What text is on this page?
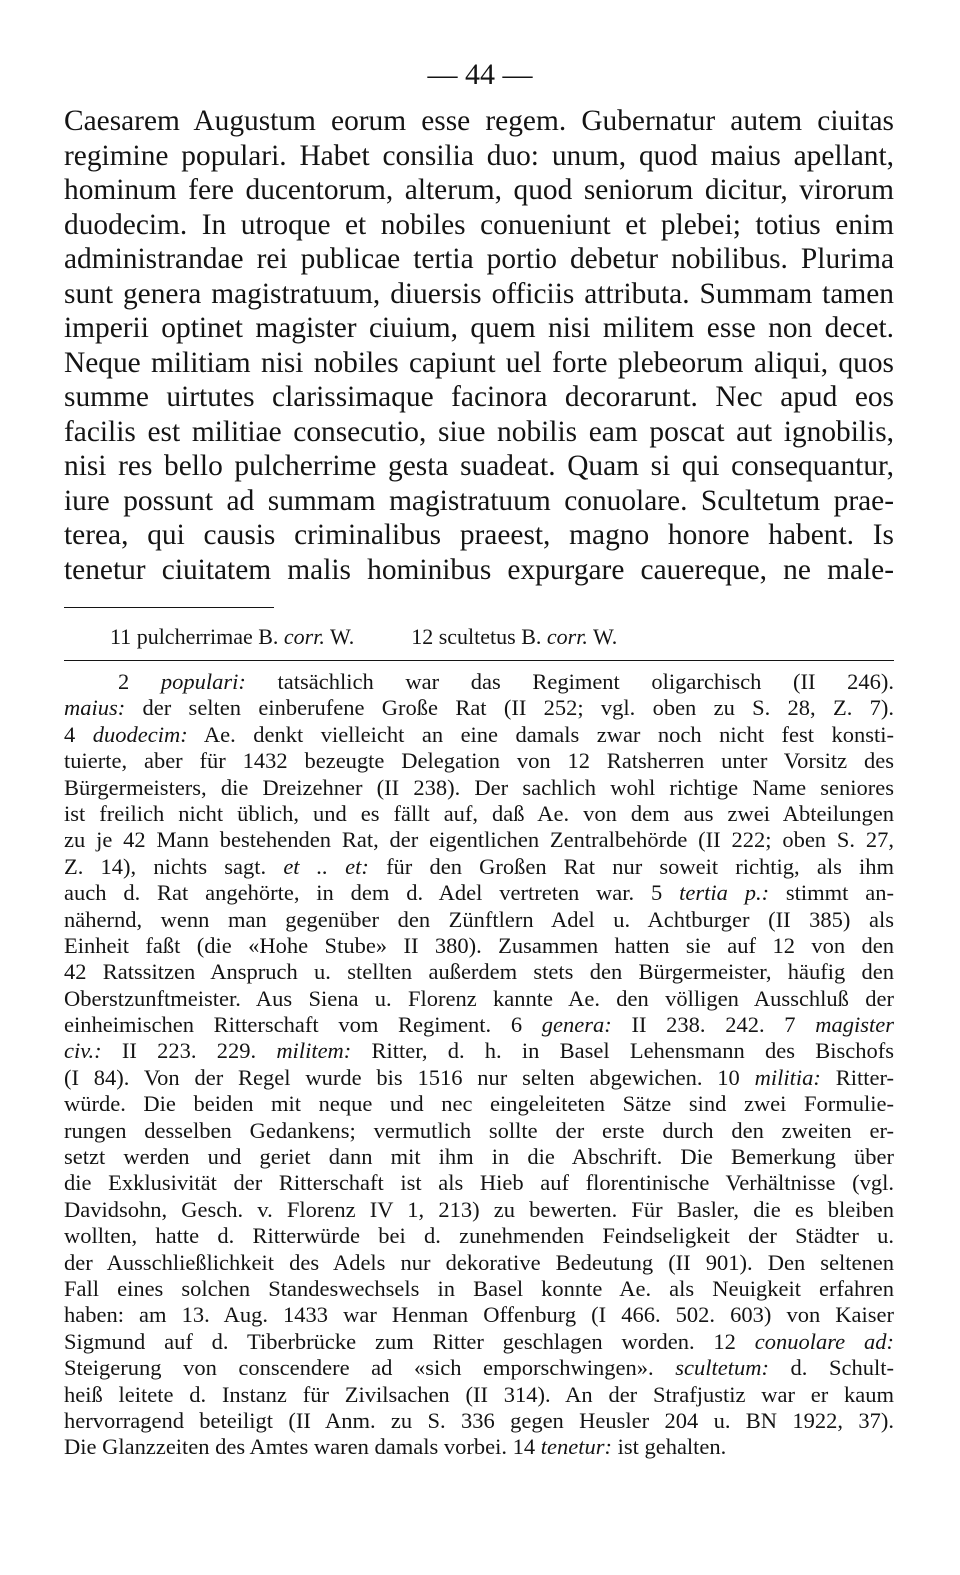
— 44 —
Caesarem Augustum eorum esse regem. Gubernatur autem ciuitas
regimine populari. Habet consilia duo: unum, quod maius apellant,
hominum fere ducentorum, alterum, quod seniorum dicitur, virorum
duodecim. In utroque et nobiles conueniunt et plebei; totius enim
administrandae rei publicae tertia portio debetur nobilibus. Plurima
sunt genera magistratuum, diuersis officiis attributa. Summam tamen
imperii optinet magister ciuium, quem nisi militem esse non decet.
Neque militiam nisi nobiles capiunt uel forte plebeorum aliqui, quos
summe uirtutes clarissimaque facinora decorarunt. Nec apud eos
facilis est militiae consecutio, siue nobilis eam poscat aut ignobilis,
nisi res bello pulcherrime gesta suadeat. Quam si qui consequantur,
iure possunt ad summam magistratuum conuolare. Scultetum prae-
terea, qui causis criminalibus praeest, magno honore habent. Is
tenetur ciuitatem malis hominibus expurgare cauereque, ne male-
11 pulcherrimae B. corr. W.	12 scultetus B. corr. W.
2 populari: tatsächlich war das Regiment oligarchisch (II 246).
maius: der selten einberufene Große Rat (II 252; vgl. oben zu S. 28, Z. 7).
4 duodecim: Ae. denkt vielleicht an eine damals zwar noch nicht fest konsti-
tuierte, aber für 1432 bezeugte Delegation von 12 Ratsherren unter Vorsitz des
Bürgermeisters, die Dreizehner (II 238). Der sachlich wohl richtige Name seniores
ist freilich nicht üblich, und es fällt auf, daß Ae. von dem aus zwei Abteilungen
zu je 42 Mann bestehenden Rat, der eigentlichen Zentralbehörde (II 222; oben S. 27,
Z. 14), nichts sagt. et .. et: für den Großen Rat nur soweit richtig, als ihm
auch d. Rat angehörte, in dem d. Adel vertreten war. 5 tertia p.: stimmt an-
nähernd, wenn man gegenüber den Zünftlern Adel u. Achtburger (II 385) als
Einheit faßt (die «Hohe Stube» II 380). Zusammen hatten sie auf 12 von den
42 Ratssitzen Anspruch u. stellten außerdem stets den Bürgermeister, häufig den
Oberstzunftmeister. Aus Siena u. Florenz kannte Ae. den völligen Ausschluß der
einheimischen Ritterschaft vom Regiment. 6 genera: II 238. 242. 7 magister
civ.: II 223. 229. militem: Ritter, d. h. in Basel Lehensmann des Bischofs
(I 84). Von der Regel wurde bis 1516 nur selten abgewichen. 10 militia: Ritter-
würde. Die beiden mit neque und nec eingeleiteten Sätze sind zwei Formulie-
rungen desselben Gedankens; vermutlich sollte der erste durch den zweiten er-
setzt werden und geriet dann mit ihm in die Abschrift. Die Bemerkung über
die Exklusivität der Ritterschaft ist als Hieb auf florentinische Verhältnisse (vgl.
Davidsohn, Gesch. v. Florenz IV 1, 213) zu bewerten. Für Basler, die es bleiben
wollten, hatte d. Ritterwürde bei d. zunehmenden Feindseligkeit der Städter u.
der Ausschließlichkeit des Adels nur dekorative Bedeutung (II 901). Den seltenen
Fall eines solchen Standeswechsels in Basel konnte Ae. als Neuigkeit erfahren
haben: am 13. Aug. 1433 war Henman Offenburg (I 466. 502. 603) von Kaiser
Sigmund auf d. Tiberbrücke zum Ritter geschlagen worden. 12 conuolare ad:
Steigerung von conscendere ad «sich emporschwingen». scultetum: d. Schult-
heiß leitete d. Instanz für Zivilsachen (II 314). An der Strafjustiz war er kaum
hervorragend beteiligt (II Anm. zu S. 336 gegen Heusler 204 u. BN 1922, 37).
Die Glanzzeiten des Amtes waren damals vorbei. 14 tenetur: ist gehalten.
